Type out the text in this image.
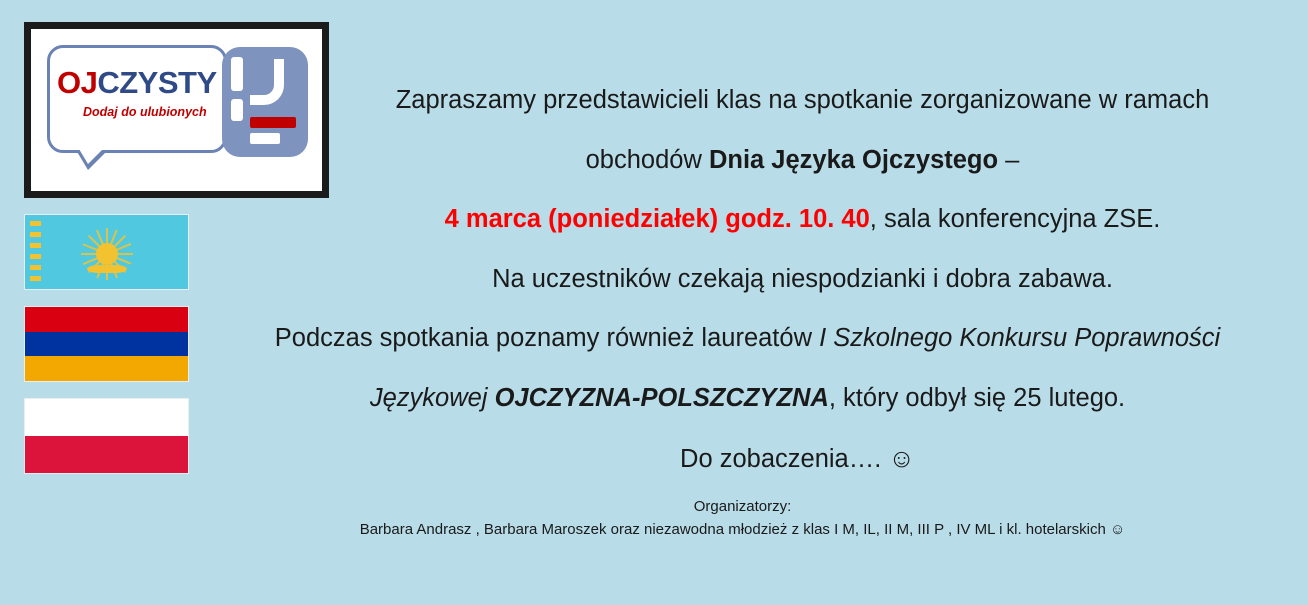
OJCZYSTY
Dodaj do ulubionych	Zapraszamy przedstawicieli klas na spotkanie zorganizowane w ramach

obchodów Dnia Języka Ojczystego –

4 marca (poniedziałek) godz. 10. 40, sala konferencyjna ZSE.

Na uczestników czekają niespodzianki i dobra zabawa.

Podczas spotkania poznamy również laureatów I Szkolnego Konkursu Poprawności

Językowej OJCZYZNA-POLSZCZYZNA, który odbył się 25 lutego.

Do zobaczenia…. ☺

Organizatorzy:
Barbara Andrasz , Barbara Maroszek oraz niezawodna młodzież z klas I M, IL, II M, III P , IV ML i kl. hotelarskich ☺
